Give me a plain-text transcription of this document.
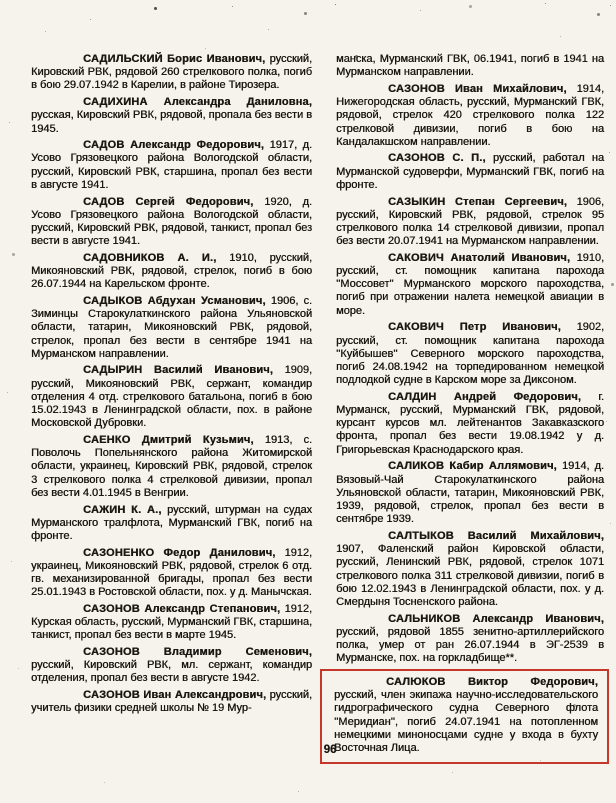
САДИЛЬСКИЙ Борис Иванович, русский, Кировский РВК, рядовой 260 стрелкового полка, погиб в бою 29.07.1942 в Карелии, в районе Тирозера.

САДИХИНА Александра Даниловна, русская, Кировский РВК, рядовой, пропала без вести в 1945.

САДОВ Александр Федорович, 1917, д. Усово Грязовецкого района Вологодской области, русский, Кировский РВК, старшина, пропал без вести в августе 1941.

САДОВ Сергей Федорович, 1920, д. Усово Грязовецкого района Вологодской области, русский, Кировский РВК, рядовой, танкист, пропал без вести в августе 1941.

САДОВНИКОВ А. И., 1910, русский, Микояновский РВК, рядовой, стрелок, погиб в бою 26.07.1944 на Карельском фронте.

САДЫКОВ Абдухан Усманович, 1906, с. Зиминцы Старокулаткинского района Ульяновской области, татарин, Микояновский РВК, рядовой, стрелок, пропал без вести в сентябре 1941 на Мурманском направлении.

САДЫРИН Василий Иванович, 1909, русский, Микояновский РВК, сержант, командир отделения 4 отд. стрелкового батальона, погиб в бою 15.02.1943 в Ленинградской области, пох. в районе Московской Дубровки.

САЕНКО Дмитрий Кузьмич, 1913, с. Поволочь Попельнянского района Житомирской области, украинец, Кировский РВК, рядовой, стрелок 3 стрелкового полка 4 стрелковой дивизии, пропал без вести 4.01.1945 в Венгрии.

САЖИН К. А., русский, штурман на судах Мурманского тралфлота, Мурманский ГВК, погиб на фронте.

САЗОНЕНКО Федор Данилович, 1912, украинец, Микояновский РВК, рядовой, стрелок 6 отд. гв. механизированной бригады, пропал без вести 25.01.1943 в Ростовской области, пох. у д. Манычская.

САЗОНОВ Александр Степанович, 1912, Курская область, русский, Мурманский ГВК, старшина, танкист, пропал без вести в марте 1945.

САЗОНОВ Владимир Семенович, русский, Кировский РВК, мл. сержант, командир отделения, пропал без вести в августе 1942.

САЗОНОВ Иван Александрович, русский, учитель физики средней школы № 19 Мур-

манска, Мурманский ГВК, 06.1941, погиб в 1941 на Мурманском направлении.

САЗОНОВ Иван Михайлович, 1914, Нижегородская область, русский, Мурманский ГВК, рядовой, стрелок 420 стрелкового полка 122 стрелковой дивизии, погиб в бою на Кандалакшском направлении.

САЗОНОВ С. П., русский, работал на Мурманской судоверфи, Мурманский ГВК, погиб на фронте.

САЗЫКИН Степан Сергеевич, 1906, русский, Кировский РВК, рядовой, стрелок 95 стрелкового полка 14 стрелковой дивизии, пропал без вести 20.07.1941 на Мурманском направлении.

САКОВИЧ Анатолий Иванович, 1910, русский, ст. помощник капитана парохода ''Моссовет'' Мурманского морского пароходства, погиб при отражении налета немецкой авиации в море.

САКОВИЧ Петр Иванович, 1902, русский, ст. помощник капитана парохода ''Куйбышев'' Северного морского пароходства, погиб 24.08.1942 на торпедированном немецкой подлодкой судне в Карском море за Диксоном.

САЛДИН Андрей Федорович, г. Мурманск, русский, Мурманский ГВК, рядовой, курсант курсов мл. лейтенантов Закавказского фронта, пропал без вести 19.08.1942 у д. Григорьевская Краснодарского края.

САЛИКОВ Кабир Аллямович, 1914, д. Вязовый-Чай Старокулаткинского района Ульяновской области, татарин, Микояновский РВК, 1939, рядовой, стрелок, пропал без вести в сентябре 1939.

САЛТЫКОВ Василий Михайлович, 1907, Фаленский район Кировской области, русский, Ленинский РВК, рядовой, стрелок 1071 стрелкового полка 311 стрелковой дивизии, погиб в бою 12.02.1943 в Ленинградской области, пох. у д. Смердыня Тосненского района.

САЛЬНИКОВ Александр Иванович, русский, рядовой 1855 зенитно-артиллерийского полка, умер от ран 26.07.1944 в ЭГ-2539 в Мурманске, пох. на горкладбище**.

САЛЮКОВ Виктор Федорович, русский, член экипажа научно-исследовательского гидрографического судна Северного флота ''Меридиан'', погиб 24.07.1941 на потопленном немецкими миноносцами судне у входа в бухту Восточная Лица.

96
